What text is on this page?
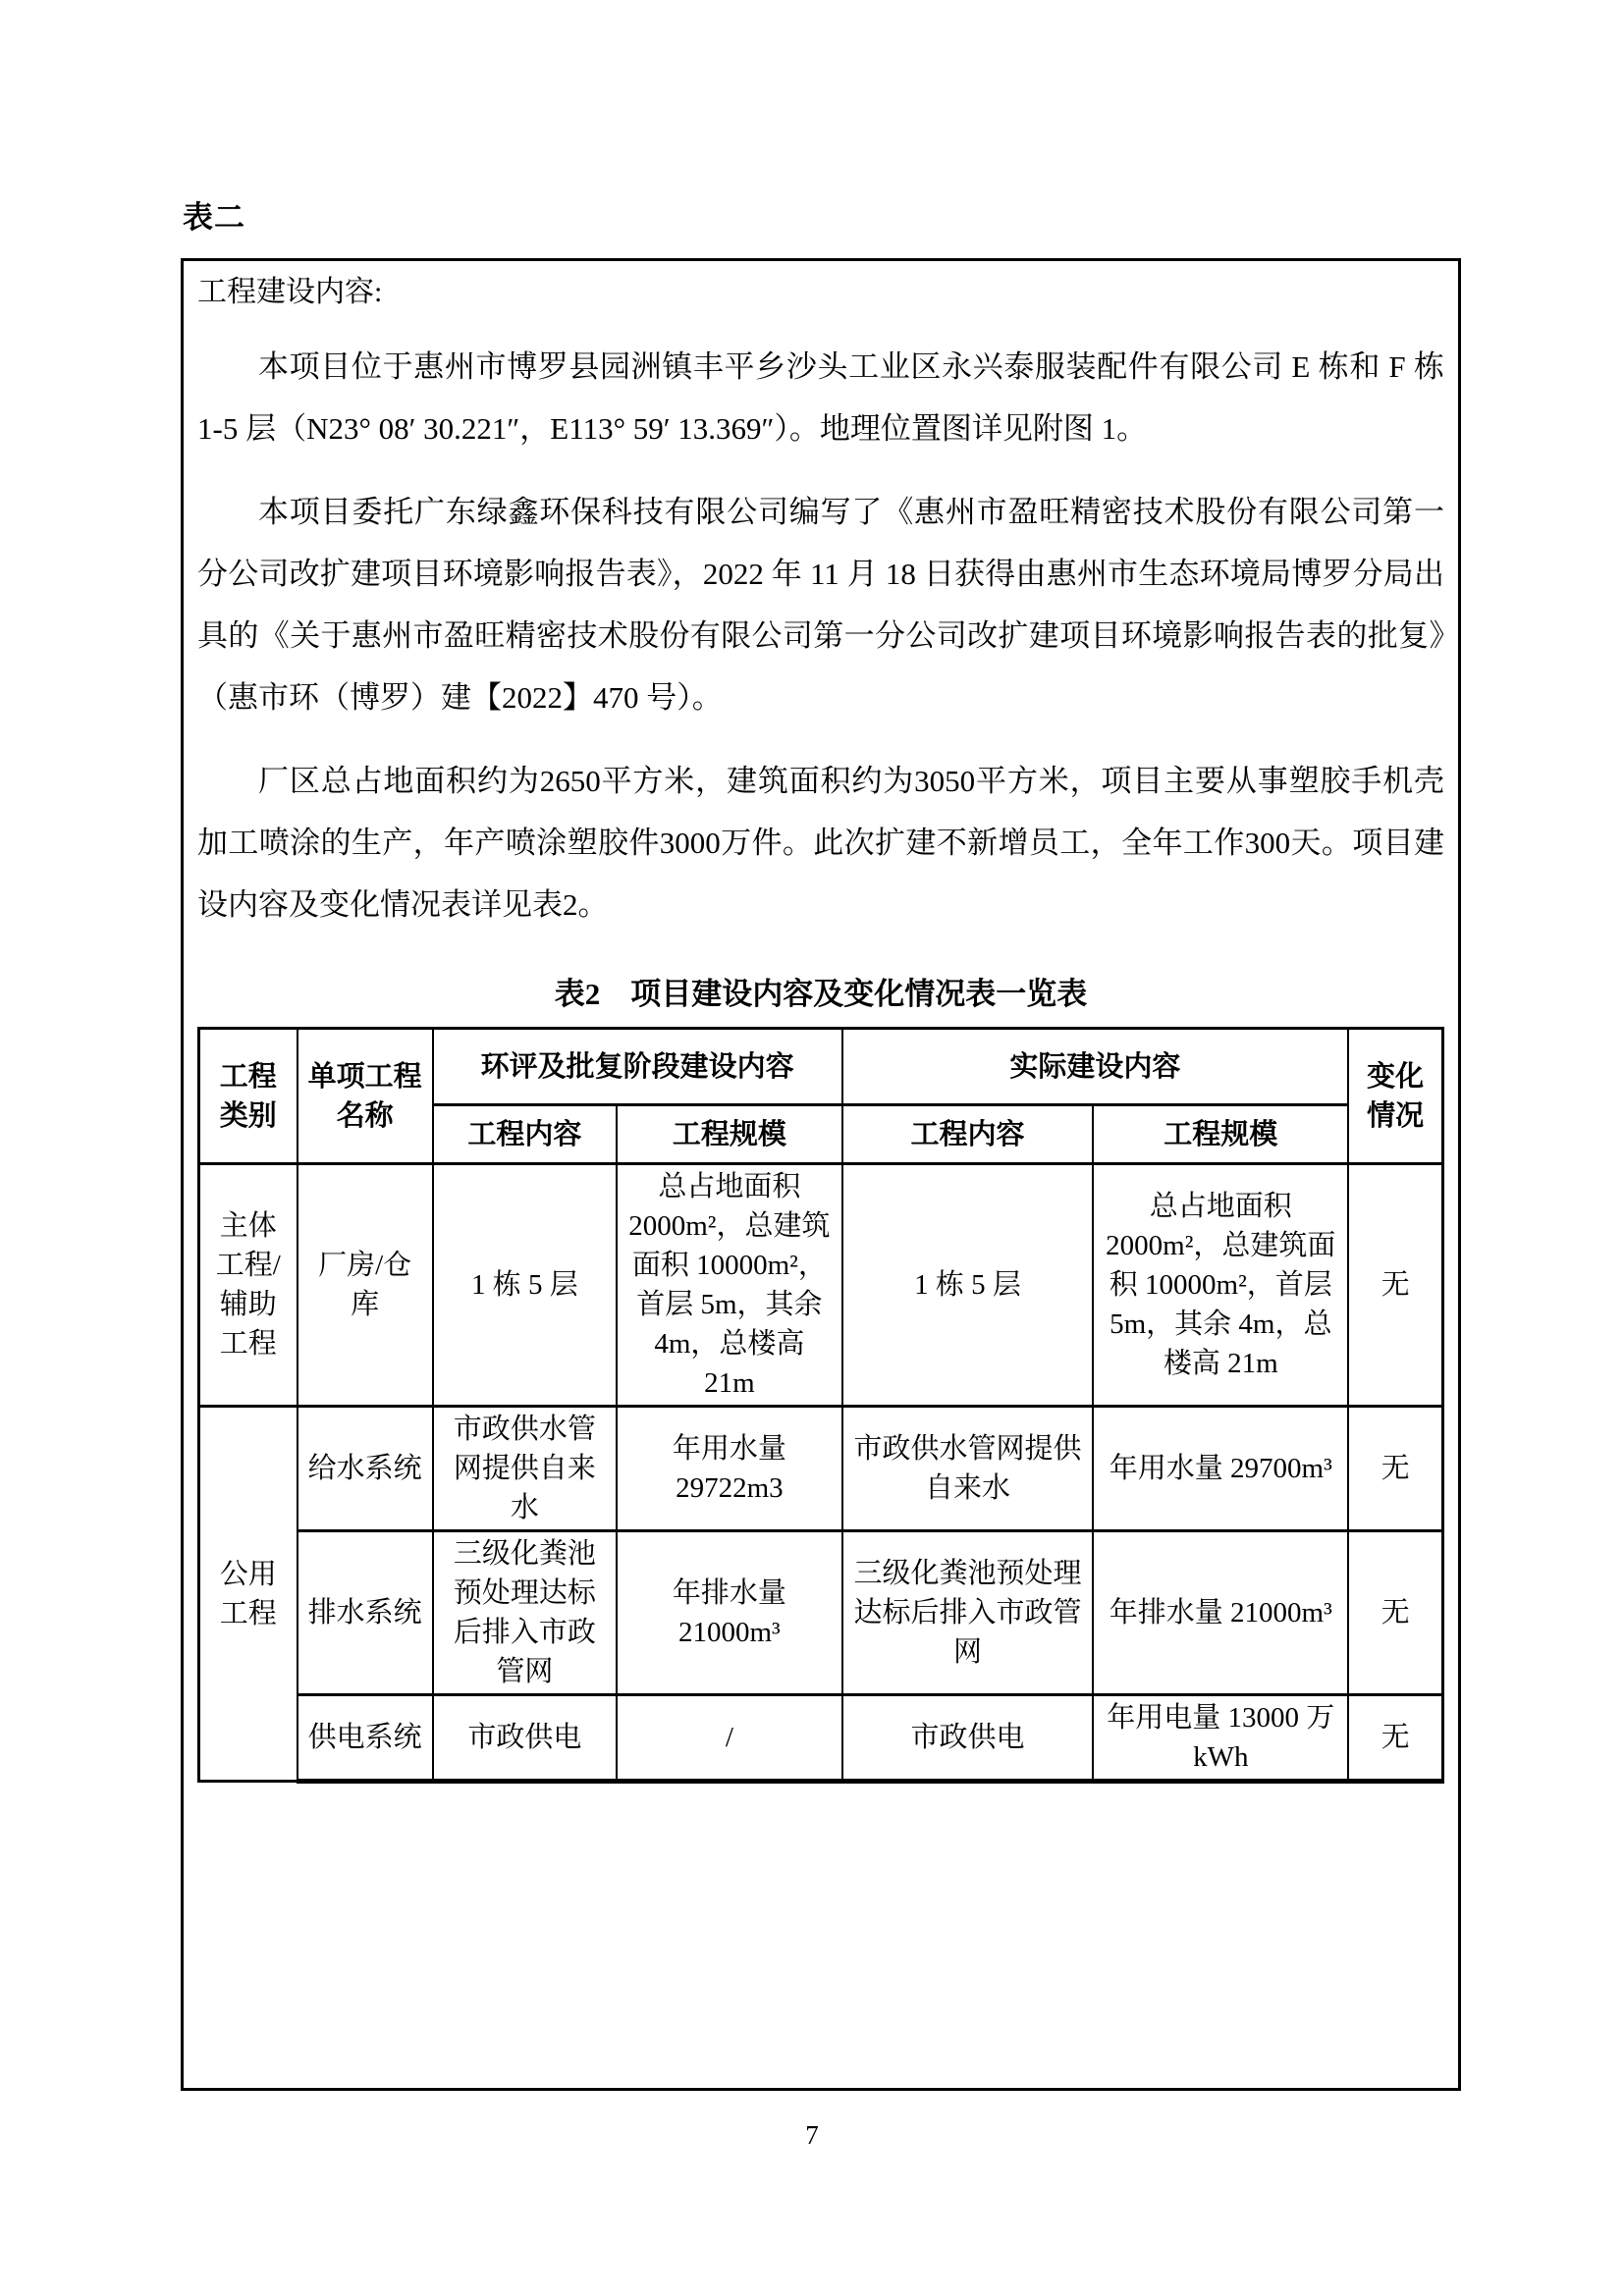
表二
工程建设内容:

本项目位于惠州市博罗县园洲镇丰平乡沙头工业区永兴泰服装配件有限公司 E 栋和 F 栋 1-5 层（N23° 08′ 30.221″，E113° 59′ 13.369″）。地理位置图详见附图 1。

本项目委托广东绿鑫环保科技有限公司编写了《惠州市盈旺精密技术股份有限公司第一分公司改扩建项目环境影响报告表》，2022 年 11 月 18 日获得由惠州市生态环境局博罗分局出具的《关于惠州市盈旺精密技术股份有限公司第一分公司改扩建项目环境影响报告表的批复》（惠市环（博罗）建【2022】470 号）。

厂区总占地面积约为2650平方米，建筑面积约为3050平方米，项目主要从事塑胶手机壳加工喷涂的生产，年产喷涂塑胶件3000万件。此次扩建不新增员工，全年工作300天。项目建设内容及变化情况表详见表2。

表2　项目建设内容及变化情况表一览表
工程类别	单项工程名称	环评及批复阶段建设内容		实际建设内容		变化情况
		工程内容	工程规模	工程内容	工程规模	
主体工程/辅助工程	厂房/仓库	1 栋 5 层	总占地面积 2000m²，总建筑面积 10000m²，首层 5m，其余 4m，总楼高 21m	1 栋 5 层	总占地面积 2000m²，总建筑面积 10000m²，首层 5m，其余 4m，总楼高 21m	无
公用工程	给水系统	市政供水管网提供自来水	年用水量 29722m3	市政供水管网提供自来水	年用水量 29700m³	无
	排水系统	三级化粪池预处理达标后排入市政管网	年排水量 21000m³	三级化粪池预处理达标后排入市政管网	年排水量 21000m³	无
	供电系统	市政供电	/	市政供电	年用电量 13000 万 kWh	无
7
